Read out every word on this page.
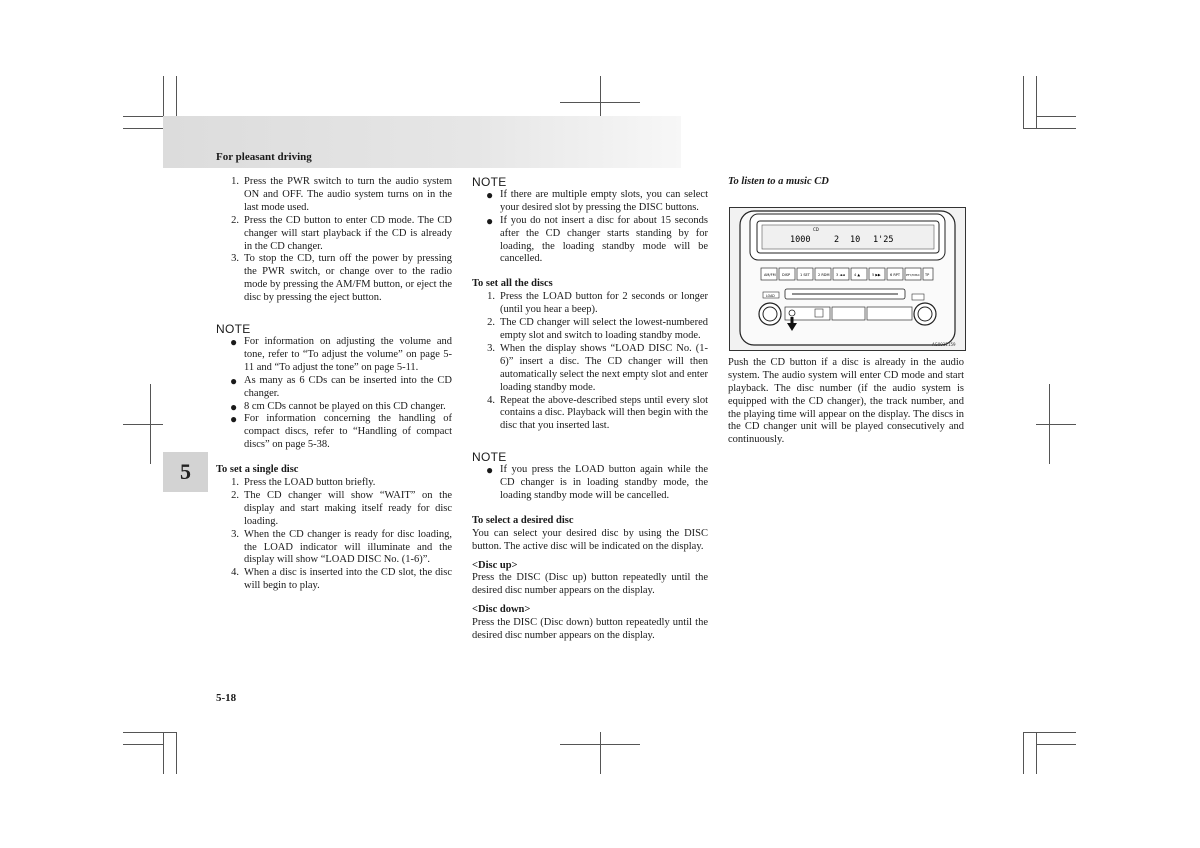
For pleasant driving
5
1. Press the PWR switch to turn the audio system ON and OFF. The audio system turns on in the last mode used.
2. Press the CD button to enter CD mode. The CD changer will start playback if the CD is already in the CD changer.
3. To stop the CD, turn off the power by pressing the PWR switch, or change over to the radio mode by pressing the AM/FM button, or eject the disc by pressing the eject button.

NOTE

● For information on adjusting the volume and tone, refer to “To adjust the volume” on page 5-11 and “To adjust the tone” on page 5-11.
● As many as 6 CDs can be inserted into the CD changer.
● 8 cm CDs cannot be played on this CD changer.
● For information concerning the handling of compact discs, refer to “Handling of compact discs” on page 5-38.

To set a single disc

1. Press the LOAD button briefly.
2. The CD changer will show “WAIT” on the display and start making itself ready for disc loading.
3. When the CD changer is ready for disc loading, the LOAD indicator will illuminate and the display will show “LOAD DISC No. (1-6)”.
4. When a disc is inserted into the CD slot, the disc will begin to play.

NOTE

● If there are multiple empty slots, you can select your desired slot by pressing the DISC buttons.
● If you do not insert a disc for about 15 seconds after the CD changer starts standing by for loading, the loading standby mode will be cancelled.

To set all the discs

1. Press the LOAD button for 2 seconds or longer (until you hear a beep).
2. The CD changer will select the lowest-numbered empty slot and switch to loading standby mode.
3. When the display shows “LOAD DISC No. (1-6)” insert a disc. The CD changer will then automatically select the next empty slot and enter loading standby mode.
4. Repeat the above-described steps until every slot contains a disc. Playback will then begin with the disc that you inserted last.

NOTE

● If you press the LOAD button again while the CD changer is in loading standby mode, the loading standby mode will be cancelled.

To select a desired disc

You can select your desired disc by using the DISC button. The active disc will be indicated on the display.

<Disc up>

Press the DISC (Disc up) button repeatedly until the desired disc number appears on the display.

<Disc down>

Press the DISC (Disc down) button repeatedly until the desired disc number appears on the display.

To listen to a music CD

Push the CD button if a disc is already in the audio system. The audio system will enter CD mode and start playback. The disc number (if the audio system is equipped with the CD changer), the track number, and the playing time will appear on the display. The discs in the CD changer unit will be played consecutively and continuously.

1000
CD
2 10 1'25
AM/FM DISP	1 SET 2 RDM 3 ◄◄	4 ▲	5 ▶▶	6 RPT PTY/DISC TP
LOAD
AG0012159
5-18
